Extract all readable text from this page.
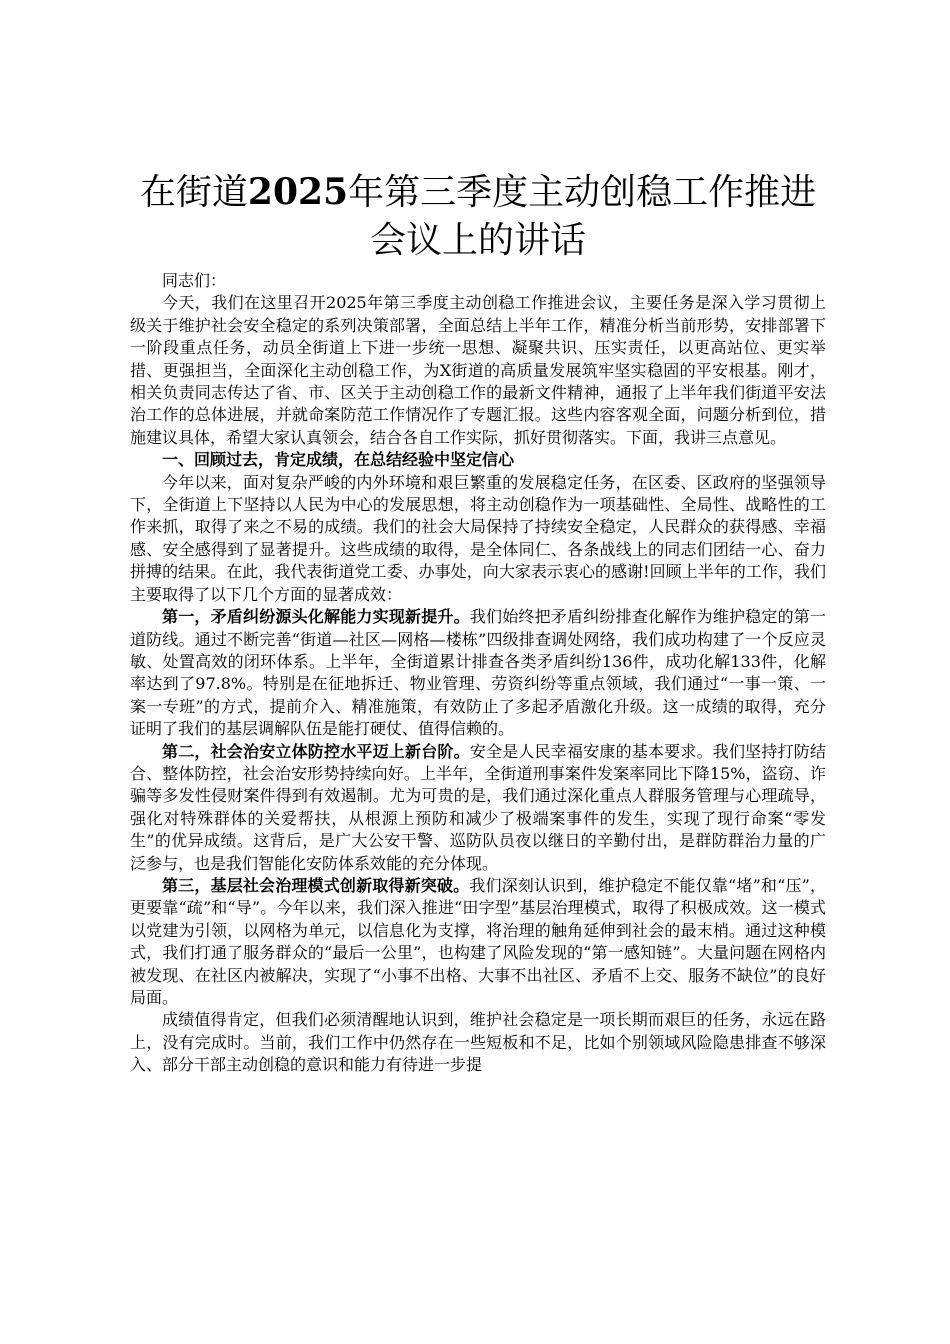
在街道2025年第三季度主动创稳工作推进会议上的讲话

同志们：

今天，我们在这里召开2025年第三季度主动创稳工作推进会议，主要任务是深入学习贯彻上级关于维护社会安全稳定的系列决策部署，全面总结上半年工作，精准分析当前形势，安排部署下一阶段重点任务，动员全街道上下进一步统一思想、凝聚共识、压实责任，以更高站位、更实举措、更强担当，全面深化主动创稳工作，为X街道的高质量发展筑牢坚实稳固的平安根基。刚才，相关负责同志传达了省、市、区关于主动创稳工作的最新文件精神，通报了上半年我们街道平安法治工作的总体进展，并就命案防范工作情况作了专题汇报。这些内容客观全面，问题分析到位，措施建议具体，希望大家认真领会，结合各自工作实际，抓好贯彻落实。下面，我讲三点意见。

一、回顾过去，肯定成绩，在总结经验中坚定信心

今年以来，面对复杂严峻的内外环境和艰巨繁重的发展稳定任务，在区委、区政府的坚强领导下，全街道上下坚持以人民为中心的发展思想，将主动创稳作为一项基础性、全局性、战略性的工作来抓，取得了来之不易的成绩。我们的社会大局保持了持续安全稳定，人民群众的获得感、幸福感、安全感得到了显著提升。这些成绩的取得，是全体同仁、各条战线上的同志们团结一心、奋力拼搏的结果。在此，我代表街道党工委、办事处，向大家表示衷心的感谢!回顾上半年的工作，我们主要取得了以下几个方面的显著成效：

第一，矛盾纠纷源头化解能力实现新提升。我们始终把矛盾纠纷排查化解作为维护稳定的第一道防线。通过不断完善“街道—社区—网格—楼栋”四级排查调处网络，我们成功构建了一个反应灵敏、处置高效的闭环体系。上半年，全街道累计排查各类矛盾纠纷136件，成功化解133件，化解率达到了97.8%。特别是在征地拆迁、物业管理、劳资纠纷等重点领域，我们通过“一事一策、一案一专班”的方式，提前介入、精准施策，有效防止了多起矛盾激化升级。这一成绩的取得，充分证明了我们的基层调解队伍是能打硬仗、值得信赖的。

第二，社会治安立体防控水平迈上新台阶。安全是人民幸福安康的基本要求。我们坚持打防结合、整体防控，社会治安形势持续向好。上半年，全街道刑事案件发案率同比下降15%，盗窃、诈骗等多发性侵财案件得到有效遏制。尤为可贵的是，我们通过深化重点人群服务管理与心理疏导，强化对特殊群体的关爱帮扶，从根源上预防和减少了极端案事件的发生，实现了现行命案“零发生”的优异成绩。这背后，是广大公安干警、巡防队员夜以继日的辛勤付出，是群防群治力量的广泛参与，也是我们智能化安防体系效能的充分体现。

第三，基层社会治理模式创新取得新突破。我们深刻认识到，维护稳定不能仅靠“堵”和“压”，更要靠“疏”和“导”。今年以来，我们深入推进“田字型”基层治理模式，取得了积极成效。这一模式以党建为引领，以网格为单元，以信息化为支撑，将治理的触角延伸到社会的最末梢。通过这种模式，我们打通了服务群众的“最后一公里”，也构建了风险发现的“第一感知链”。大量问题在网格内被发现、在社区内被解决，实现了“小事不出格、大事不出社区、矛盾不上交、服务不缺位”的良好局面。

成绩值得肯定，但我们必须清醒地认识到，维护社会稳定是一项长期而艰巨的任务，永远在路上，没有完成时。当前，我们工作中仍然存在一些短板和不足，比如个别领域风险隐患排查不够深入、部分干部主动创稳的意识和能力有待进一步提
